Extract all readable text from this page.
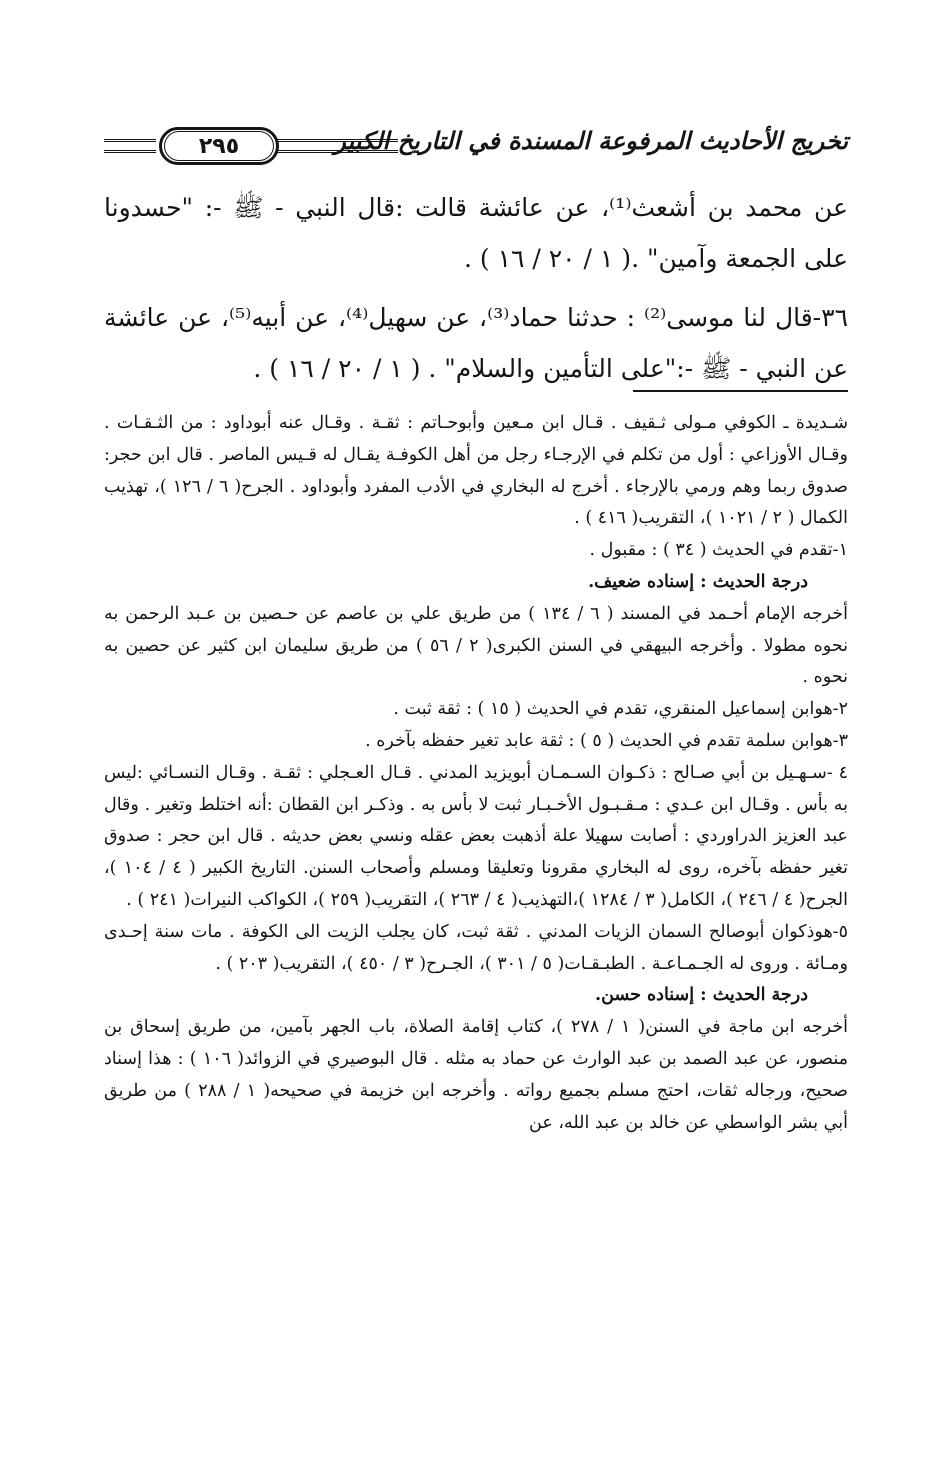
تخريج الأحاديث المرفوعة المسندة في التاريخ الكبير
٢٩٥

عن محمد بن أشعث⁽¹⁾، عن عائشة قالت :قال النبي - ﷺ -: "حسدونا على الجمعة وآمين" .( ١ / ٢٠ / ١٦ ) .

٣٦-قال لنا موسى⁽²⁾ : حدثنا حماد⁽³⁾، عن سهيل⁽⁴⁾، عن أبيه⁽⁵⁾، عن عائشة عن النبي - ﷺ -:"على التأمين والسلام" . ( ١ / ٢٠ / ١٦ ) .

شـديدة ـ الكوفي مـولى ثـقيف . قـال ابن مـعين وأبوحـاتم : ثقـة . وقـال عنه أبوداود : من الثـقـات . وقـال الأوزاعي : أول من تكلم في الإرجـاء رجل من أهل الكوفـة يقـال له قـيس الماصر . قال ابن حجر: صدوق ربما وهم ورمي بالإرجاء . أخرج له البخاري في الأدب المفرد وأبوداود . الجرح( ٦ / ١٢٦ )، تهذيب الكمال ( ٢ / ١٠٢١ )، التقريب( ٤١٦ ) .

١-تقدم في الحديث ( ٣٤ ) : مقبول .

درجة الحديث : إسناده ضعيف.

أخرجه الإمام أحـمد في المسند ( ٦ / ١٣٤ ) من طريق علي بن عاصم عن حـصين بن عـبد الرحمن به نحوه مطولا . وأخرجه البيهقي في السنن الكبرى( ٢ / ٥٦ ) من طريق سليمان ابن كثير عن حصين به نحوه .

٢-هوابن إسماعيل المنقري، تقدم في الحديث ( ١٥ ) : ثقة ثبت .

٣-هوابن سلمة تقدم في الحديث ( ٥ ) : ثقة عابد تغير حفظه بآخره .

٤ -سـهـيل بن أبي صـالح : ذكـوان السـمـان أبويزيد المدني . قـال العـجلي : ثقـة . وقـال النسـائي :ليس به بأس . وقـال ابن عـدي : مـقـبـول الأخـبـار ثبت لا بأس به . وذكـر ابن القطان :أنه اختلط وتغير . وقال عبد العزيز الدراوردي : أصابت سهيلا علة أذهبت بعض عقله ونسي بعض حديثه . قال ابن حجر : صدوق تغير حفظه بآخره، روى له البخاري مقرونا وتعليقا ومسلم وأصحاب السنن. التاريخ الكبير ( ٤ / ١٠٤ )، الجرح( ٤ / ٢٤٦ )، الكامل( ٣ / ١٢٨٤ )،التهذيب( ٤ / ٢٦٣ )، التقريب( ٢٥٩ )، الكواكب النيرات( ٢٤١ ) .

٥-هوذكوان أبوصالح السمان الزيات المدني . ثقة ثبت، كان يجلب الزيت الى الكوفة . مات سنة إحـدى ومـائة . وروى له الجـمـاعـة . الطبـقـات( ٥ / ٣٠١ )، الجـرح( ٣ / ٤٥٠ )، التقريب( ٢٠٣ ) .

درجة الحديث : إسناده حسن.

أخرجه ابن ماجة في السنن( ١ / ٢٧٨ )، كتاب إقامة الصلاة، باب الجهر بآمين، من طريق إسحاق بن منصور، عن عبد الصمد بن عبد الوارث عن حماد به مثله . قال البوصيري في الزوائد( ١٠٦ ) : هذا إسناد صحيح، ورجاله ثقات، احتج مسلم بجميع رواته . وأخرجه ابن خزيمة في صحيحه( ١ / ٢٨٨ ) من طريق أبي بشر الواسطي عن خالد بن عبد الله، عن
